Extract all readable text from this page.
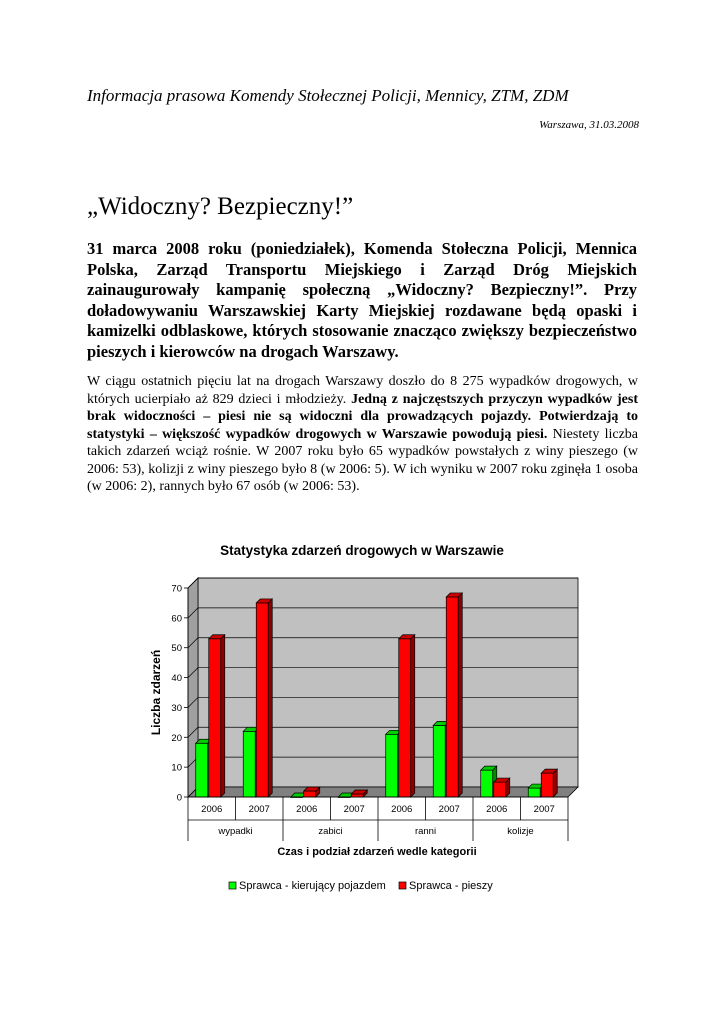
Informacja prasowa Komendy Stołecznej Policji, Mennicy, ZTM, ZDM
Warszawa, 31.03.2008
„Widoczny? Bezpieczny!”

31 marca 2008 roku (poniedziałek), Komenda Stołeczna Policji, Mennica Polska, Zarząd Transportu Miejskiego i Zarząd Dróg Miejskich zainaugurowały kampanię społeczną „Widoczny? Bezpieczny!”. Przy doładowywaniu Warszawskiej Karty Miejskiej rozdawane będą opaski i kamizelki odblaskowe, których stosowanie znacząco zwiększy bezpieczeństwo pieszych i kierowców na drogach Warszawy.

W ciągu ostatnich pięciu lat na drogach Warszawy doszło do 8 275 wypadków drogowych, w których ucierpiało aż 829 dzieci i młodzieży. Jedną z najczęstszych przyczyn wypadków jest brak widoczności – piesi nie są widoczni dla prowadzących pojazdy. Potwierdzają to statystyki – większość wypadków drogowych w Warszawie powodują piesi. Niestety liczba takich zdarzeń wciąż rośnie. W 2007 roku było 65 wypadków powstałych z winy pieszego (w 2006: 53), kolizji z winy pieszego było 8 (w 2006: 5). W ich wyniku w 2007 roku zginęła 1 osoba (w 2006: 2), rannych było 67 osób (w 2006: 53).

Statystyka zdarzeń drogowych w Warszawie
0
10
20
30
40
50
60
70
Liczba zdarzeń
2006	2007	2006	2007	2006	2007	2006	2007
wypadki	zabici	ranni	kolizje
Czas i podział zdarzeń wedle kategorii
Sprawca - kierujący pojazdem Sprawca - pieszy
